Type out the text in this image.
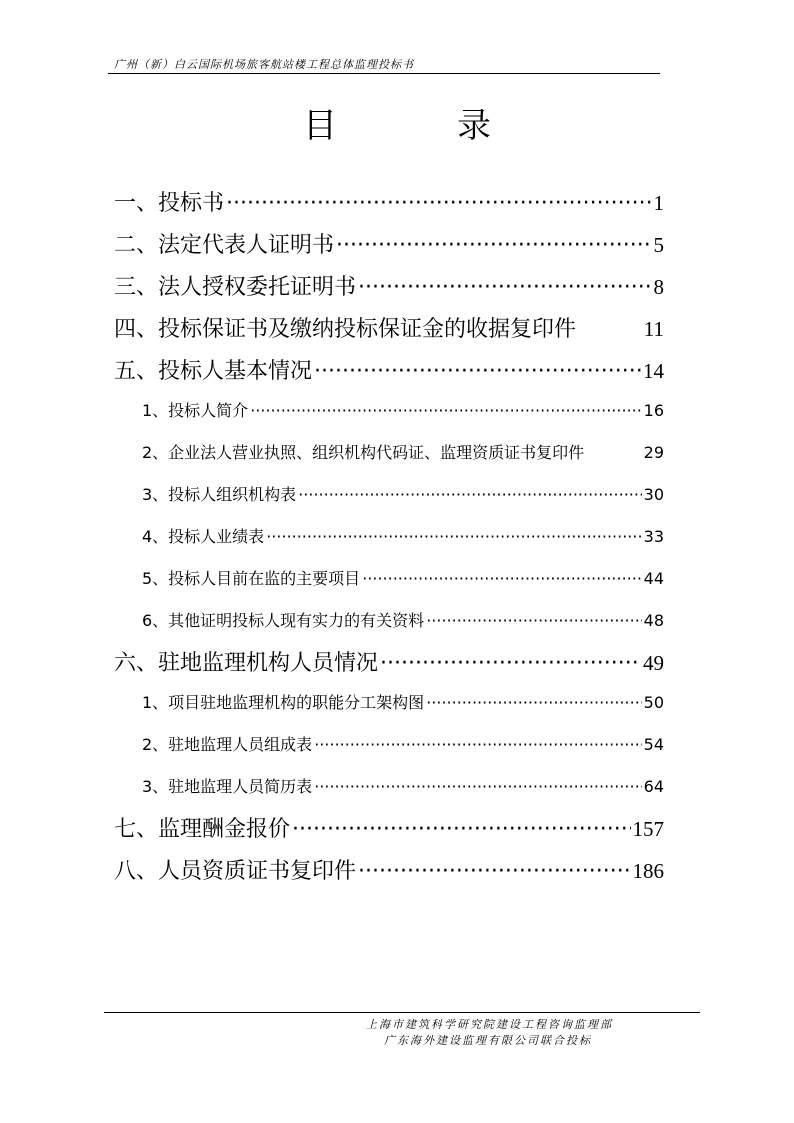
广州（新）白云国际机场旅客航站楼工程总体监理投标书
目	录
一、投标书 ·····	1
二、法定代表人证明书 ·····	5
三、法人授权委托证明书 ·····	8
四、投标保证书及缴纳投标保证金的收据复印件	11
五、投标人基本情况 ·····	14
1、投标人简介 ·····	16
2、企业法人营业执照、组织机构代码证、监理资质证书复印件	29
3、投标人组织机构表 ·····	30
4、投标人业绩表 ·····	33
5、投标人目前在监的主要项目 ·····	44
6、其他证明投标人现有实力的有关资料 ·····	48
六、驻地监理机构人员情况 ·····	49
1、项目驻地监理机构的职能分工架构图 ·····	50
2、驻地监理人员组成表 ·····	54
3、驻地监理人员简历表 ·····	64
七、监理酬金报价 ·····	157
八、人员资质证书复印件 ·····	186
上海市建筑科学研究院建设工程咨询监理部
广东海外建设监理有限公司联合投标
